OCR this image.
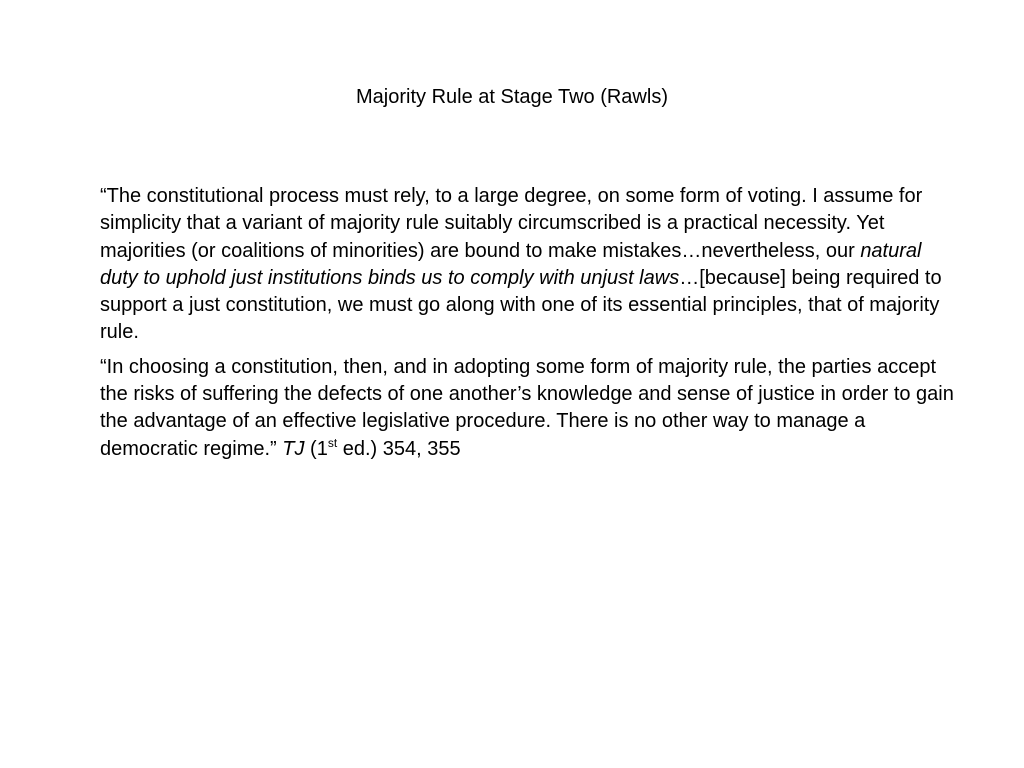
Majority Rule at Stage Two (Rawls)

“The constitutional process must rely, to a large degree, on some form of voting. I assume for simplicity that a variant of majority rule suitably circumscribed is a practical necessity. Yet majorities (or coalitions of minorities) are bound to make mistakes…nevertheless, our natural duty to uphold just institutions binds us to comply with unjust laws…[because] being required to support a just constitution, we must go along with one of its essential principles, that of majority rule.

“In choosing a constitution, then, and in adopting some form of majority rule, the parties accept the risks of suffering the defects of one another’s knowledge and sense of justice in order to gain the advantage of an effective legislative procedure. There is no other way to manage a democratic regime.” TJ (1st ed.) 354, 355
